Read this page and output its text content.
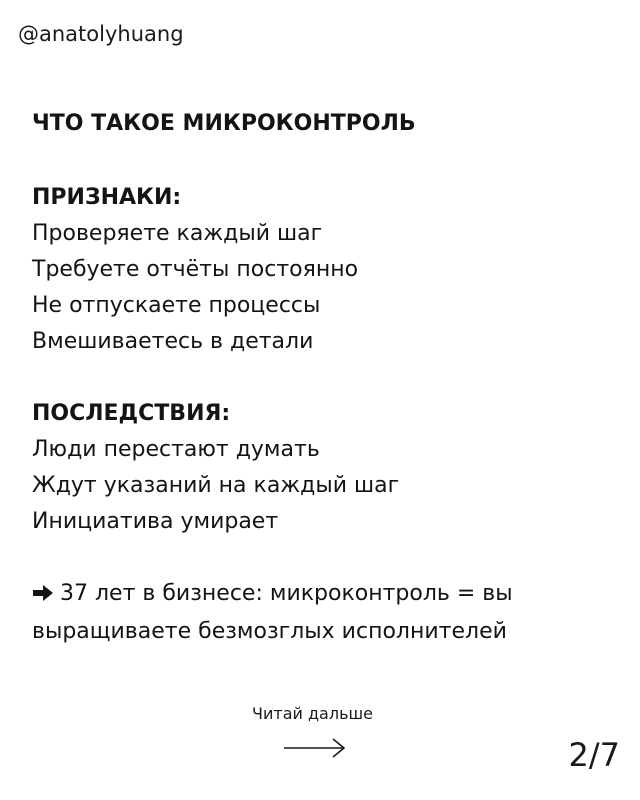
@anatolyhuang

ЧТО ТАКОЕ МИКРОКОНТРОЛЬ

ПРИЗНАКИ:

Проверяете каждый шаг

Требуете отчёты постоянно

Не отпускаете процессы

Вмешиваетесь в детали

ПОСЛЕДСТВИЯ:

Люди перестают думать

Ждут указаний на каждый шаг

Инициатива умирает

37 лет в бизнесе: микроконтроль = вы

выращиваете безмозглых исполнителей

Читай дальше
2/7
